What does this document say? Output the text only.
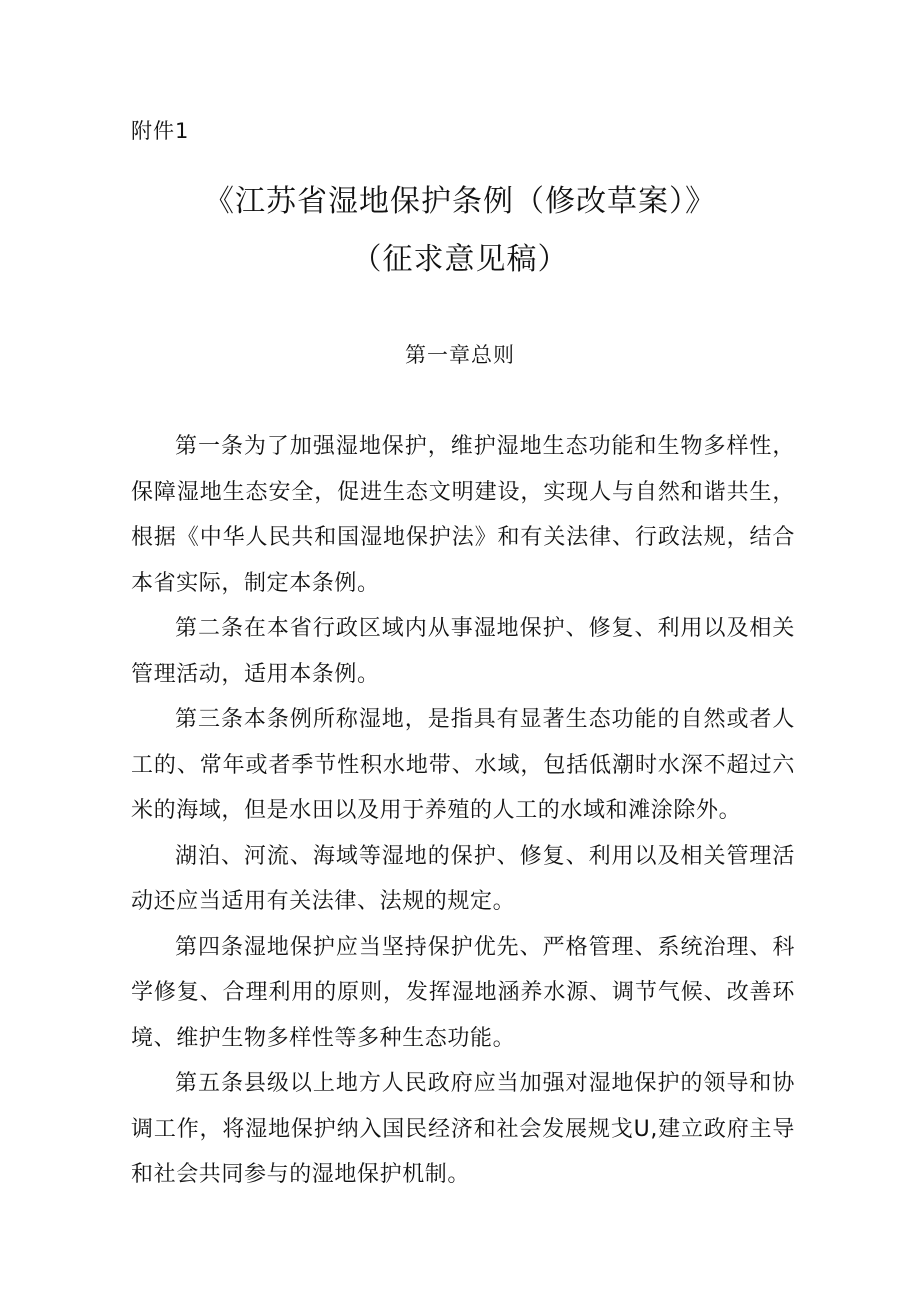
附件1
《江苏省湿地保护条例（修改草案）》
（征求意见稿）
第一章总则

第一条为了加强湿地保护，维护湿地生态功能和生物多样性，保障湿地生态安全，促进生态文明建设，实现人与自然和谐共生，根据《中华人民共和国湿地保护法》和有关法律、行政法规，结合本省实际，制定本条例。

第二条在本省行政区域内从事湿地保护、修复、利用以及相关管理活动，适用本条例。

第三条本条例所称湿地，是指具有显著生态功能的自然或者人工的、常年或者季节性积水地带、水域，包括低潮时水深不超过六米的海域，但是水田以及用于养殖的人工的水域和滩涂除外。

湖泊、河流、海域等湿地的保护、修复、利用以及相关管理活动还应当适用有关法律、法规的规定。

第四条湿地保护应当坚持保护优先、严格管理、系统治理、科学修复、合理利用的原则，发挥湿地涵养水源、调节气候、改善环境、维护生物多样性等多种生态功能。

第五条县级以上地方人民政府应当加强对湿地保护的领导和协调工作，将湿地保护纳入国民经济和社会发展规戈U,建立政府主导和社会共同参与的湿地保护机制。
